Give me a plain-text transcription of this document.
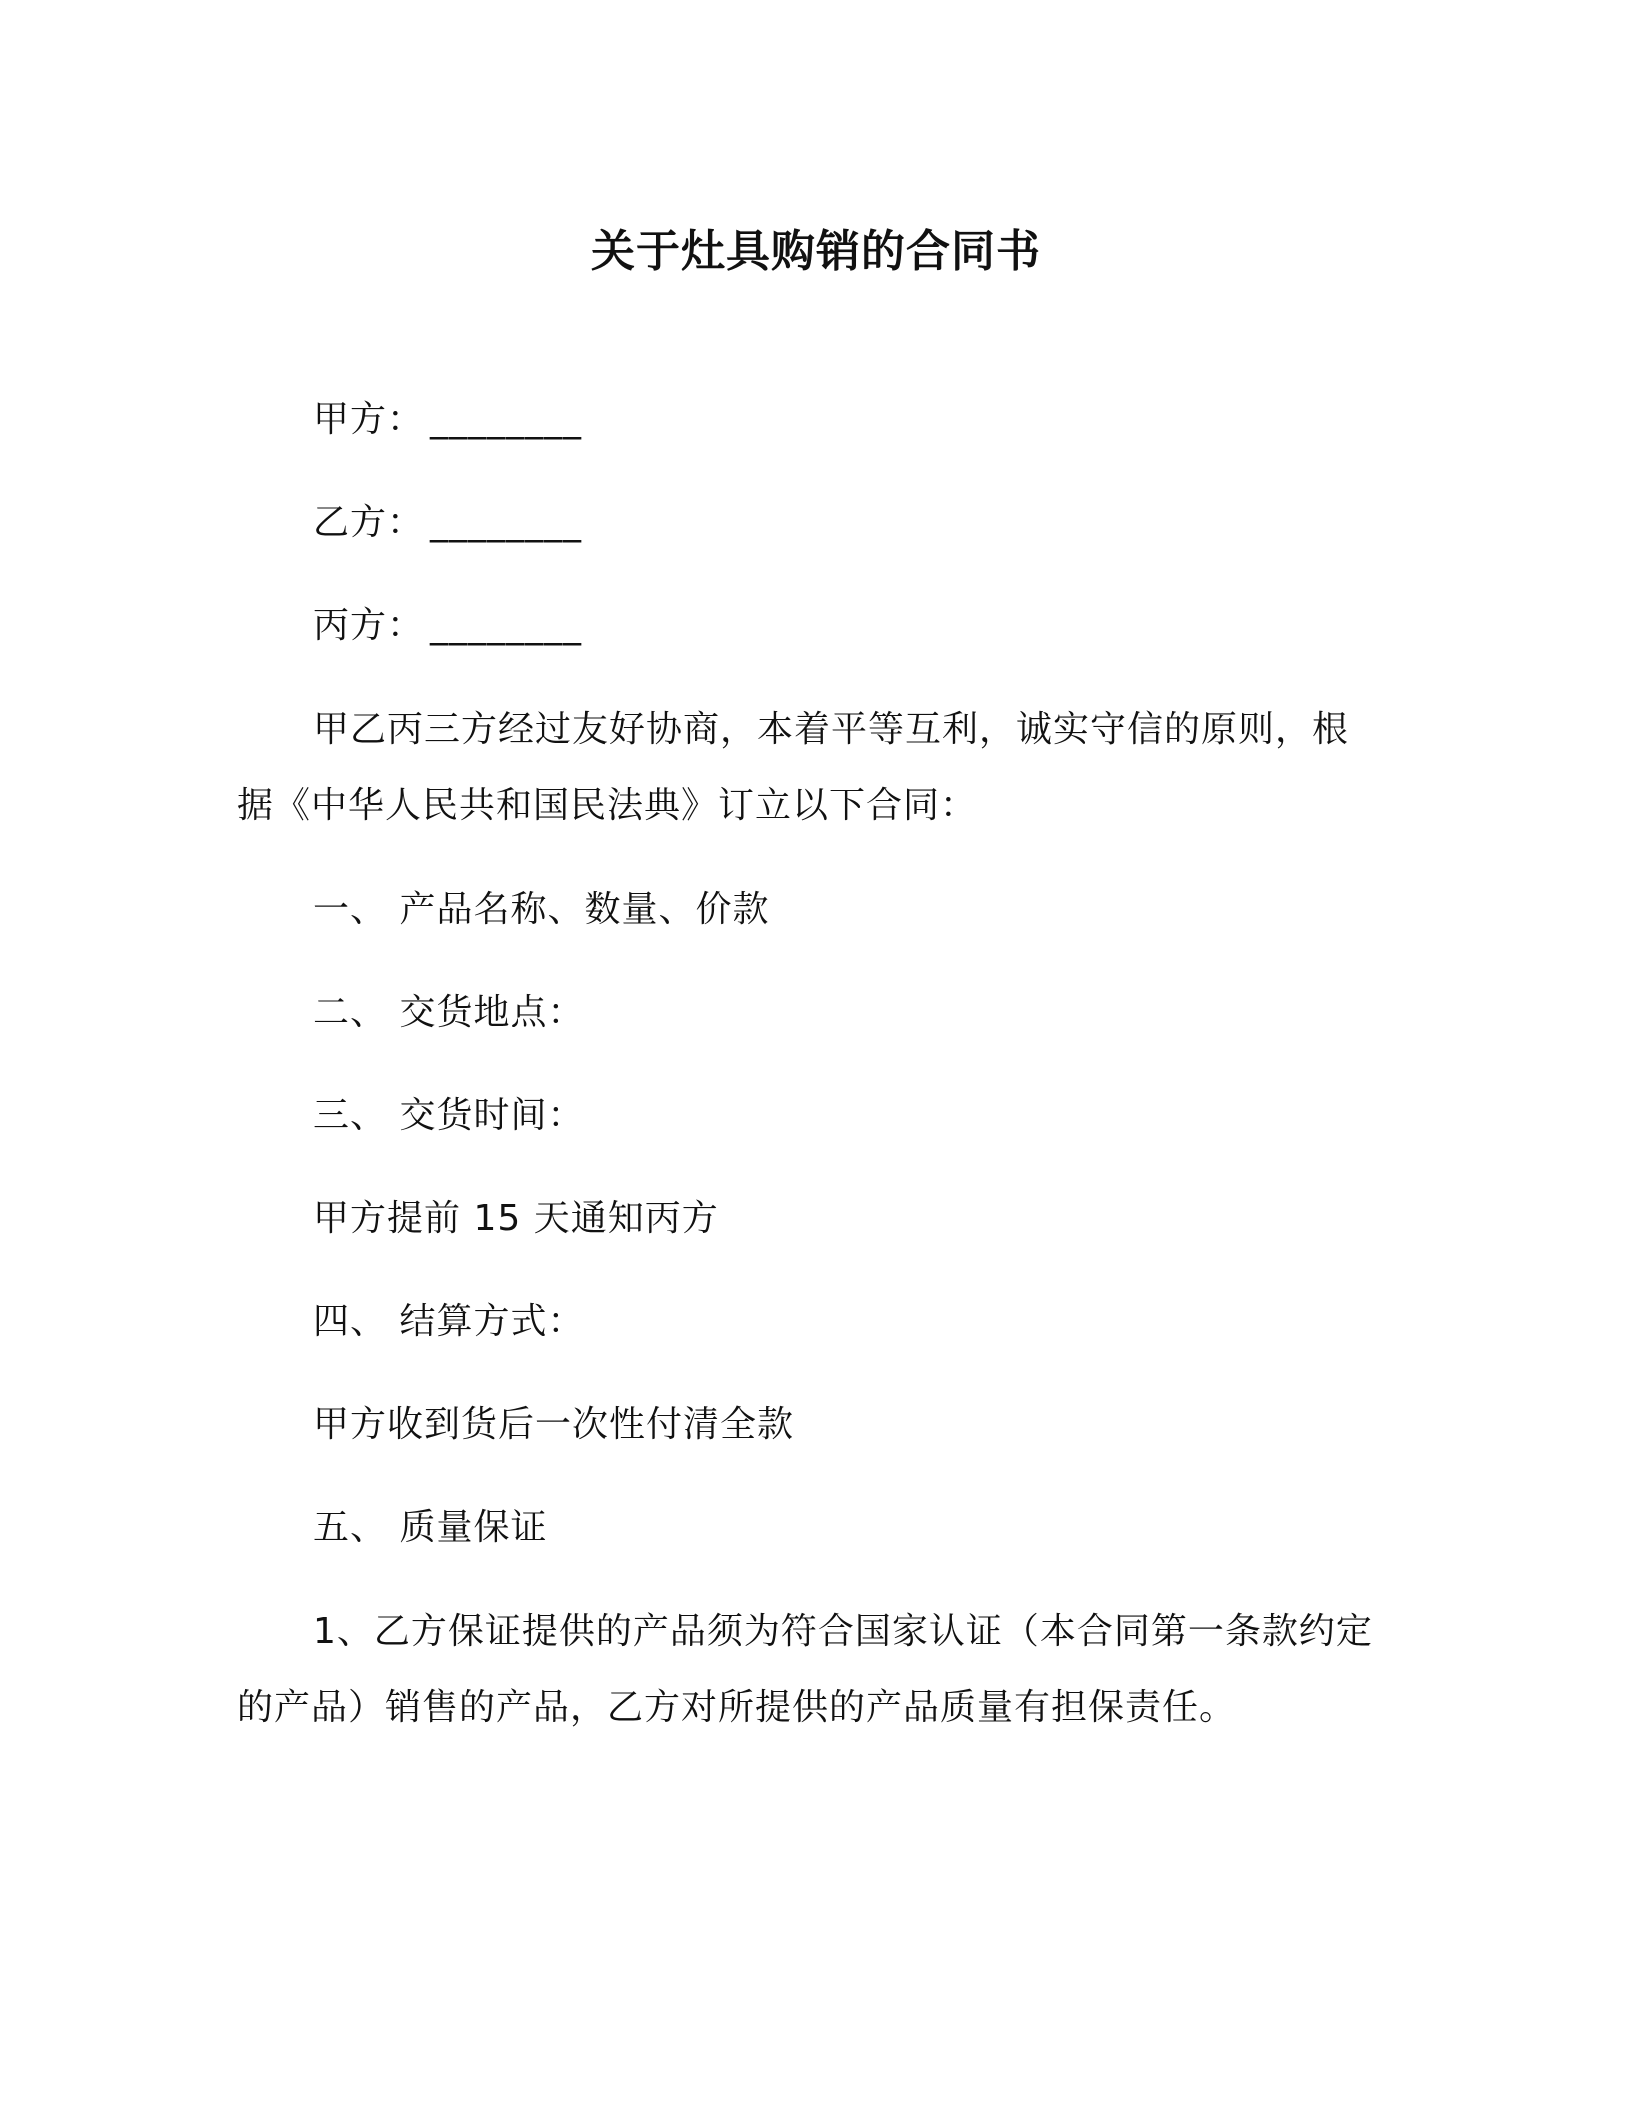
关于灶具购销的合同书
甲方： ________
乙方： ________
丙方： ________
甲乙丙三方经过友好协商，本着平等互利，诚实守信的原则，根
据《中华人民共和国民法典》订立以下合同：
一、 产品名称、数量、价款
二、 交货地点：
三、 交货时间：
甲方提前 15 天通知丙方
四、 结算方式：
甲方收到货后一次性付清全款
五、 质量保证
1、乙方保证提供的产品须为符合国家认证（本合同第一条款约定
的产品）销售的产品，乙方对所提供的产品质量有担保责任。
